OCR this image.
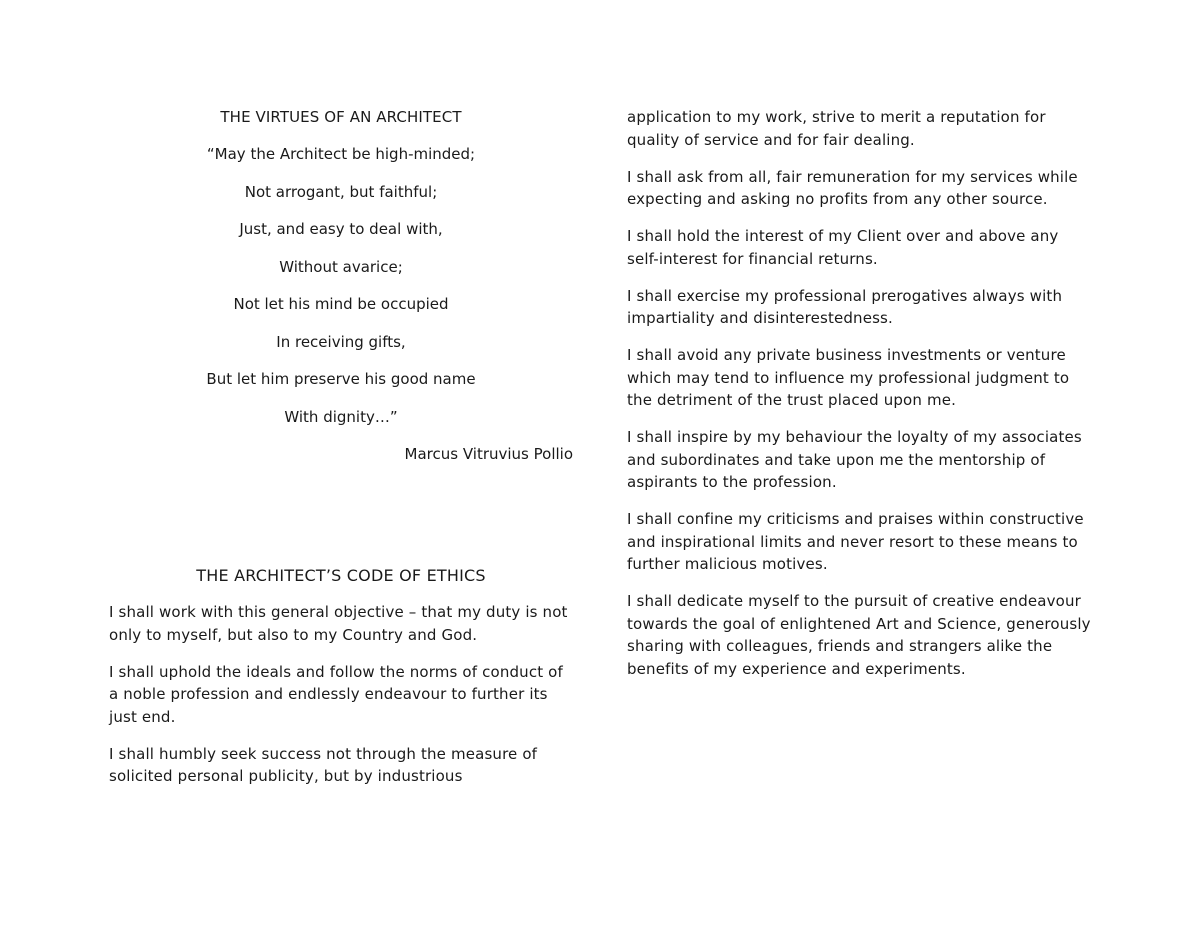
THE VIRTUES OF AN ARCHITECT
“May the Architect be high-minded;
Not arrogant, but faithful;
Just, and easy to deal with,
Without avarice;
Not let his mind be occupied
In receiving gifts,
But let him preserve his good name
With dignity…”
Marcus Vitruvius Pollio
THE ARCHITECT’S CODE OF ETHICS

I shall work with this general objective – that my duty is not only to myself, but also to my Country and God.

I shall uphold the ideals and follow the norms of conduct of a noble profession and endlessly endeavour to further its just end.

I shall humbly seek success not through the measure of solicited personal publicity, but by industrious

application to my work, strive to merit a reputation for quality of service and for fair dealing.

I shall ask from all, fair remuneration for my services while expecting and asking no profits from any other source.

I shall hold the interest of my Client over and above any self-interest for financial returns.

I shall exercise my professional prerogatives always with impartiality and disinterestedness.

I shall avoid any private business investments or venture which may tend to influence my professional judgment to the detriment of the trust placed upon me.

I shall inspire by my behaviour the loyalty of my associates and subordinates and take upon me the mentorship of aspirants to the profession.

I shall confine my criticisms and praises within constructive and inspirational limits and never resort to these means to further malicious motives.

I shall dedicate myself to the pursuit of creative endeavour towards the goal of enlightened Art and Science, generously sharing with colleagues, friends and strangers alike the benefits of my experience and experiments.
